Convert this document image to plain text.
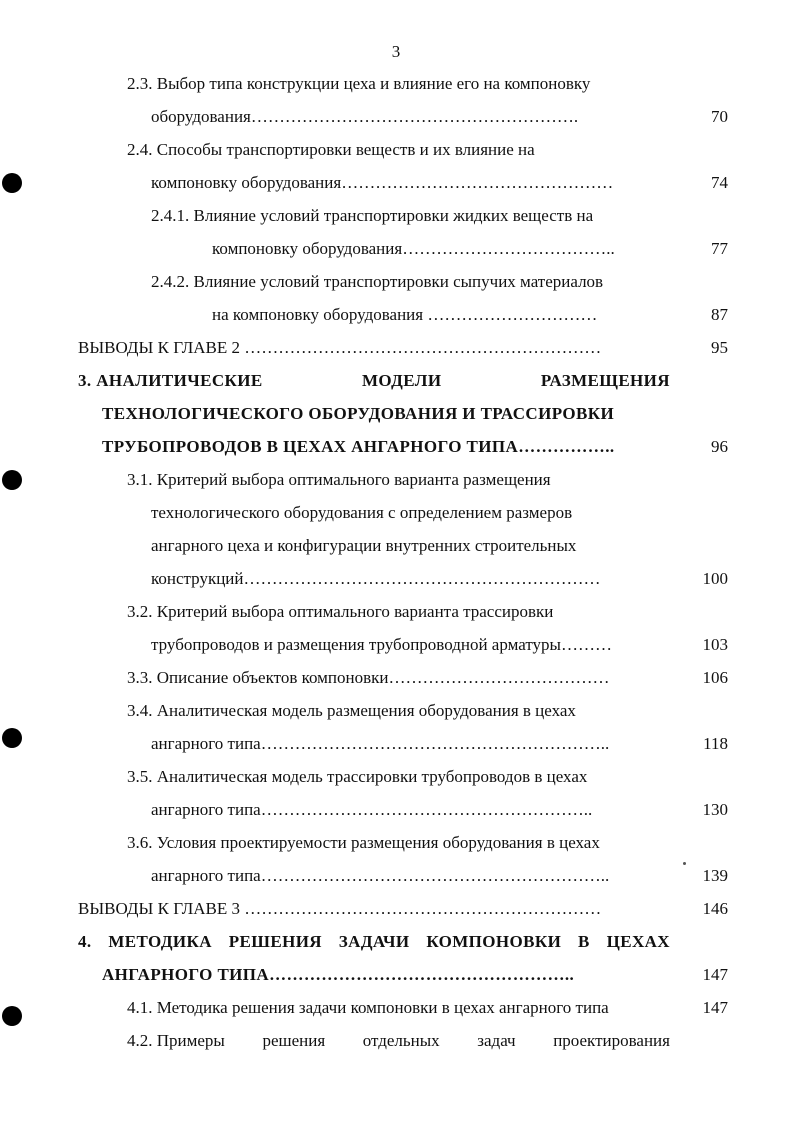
3
2.3. Выбор типа конструкции цеха и влияние его на компоновку
оборудования………………………………………………….	70
2.4. Способы транспортировки веществ и их влияние на
компоновку оборудования…………………………………………	74
2.4.1. Влияние условий транспортировки жидких веществ на
компоновку оборудования………………………………..	77
2.4.2. Влияние условий транспортировки сыпучих материалов
на компоновку оборудования …………………………	87
ВЫВОДЫ К ГЛАВЕ 2 ………………………………………………………	95
3. АНАЛИТИЧЕСКИЕ	МОДЕЛИ	РАЗМЕЩЕНИЯ
ТЕХНОЛОГИЧЕСКОГО ОБОРУДОВАНИЯ И ТРАССИРОВКИ
ТРУБОПРОВОДОВ В ЦЕХАХ АНГАРНОГО ТИПА……………..	96
3.1. Критерий выбора оптимального варианта размещения
технологического оборудования с определением размеров
ангарного цеха и конфигурации внутренних строительных
конструкций………………………………………………………	100
3.2. Критерий выбора оптимального варианта трассировки
трубопроводов и размещения трубопроводной арматуры………	103
3.3. Описание объектов компоновки…………………………………	106
3.4. Аналитическая модель размещения оборудования в цехах
ангарного типа……………………………………………………..	118
3.5. Аналитическая модель трассировки трубопроводов в цехах
ангарного типа…………………………………………………..	130
3.6. Условия проектируемости размещения оборудования в цехах
ангарного типа……………………………………………………..	139
ВЫВОДЫ К ГЛАВЕ 3 ………………………………………………………	146
4. МЕТОДИКА РЕШЕНИЯ ЗАДАЧИ КОМПОНОВКИ В ЦЕХАХ
АНГАРНОГО ТИПА……………………………………………..	147
4.1. Методика решения задачи компоновки в цехах ангарного типа	147
4.2. Примеры решения отдельных задач проектирования
